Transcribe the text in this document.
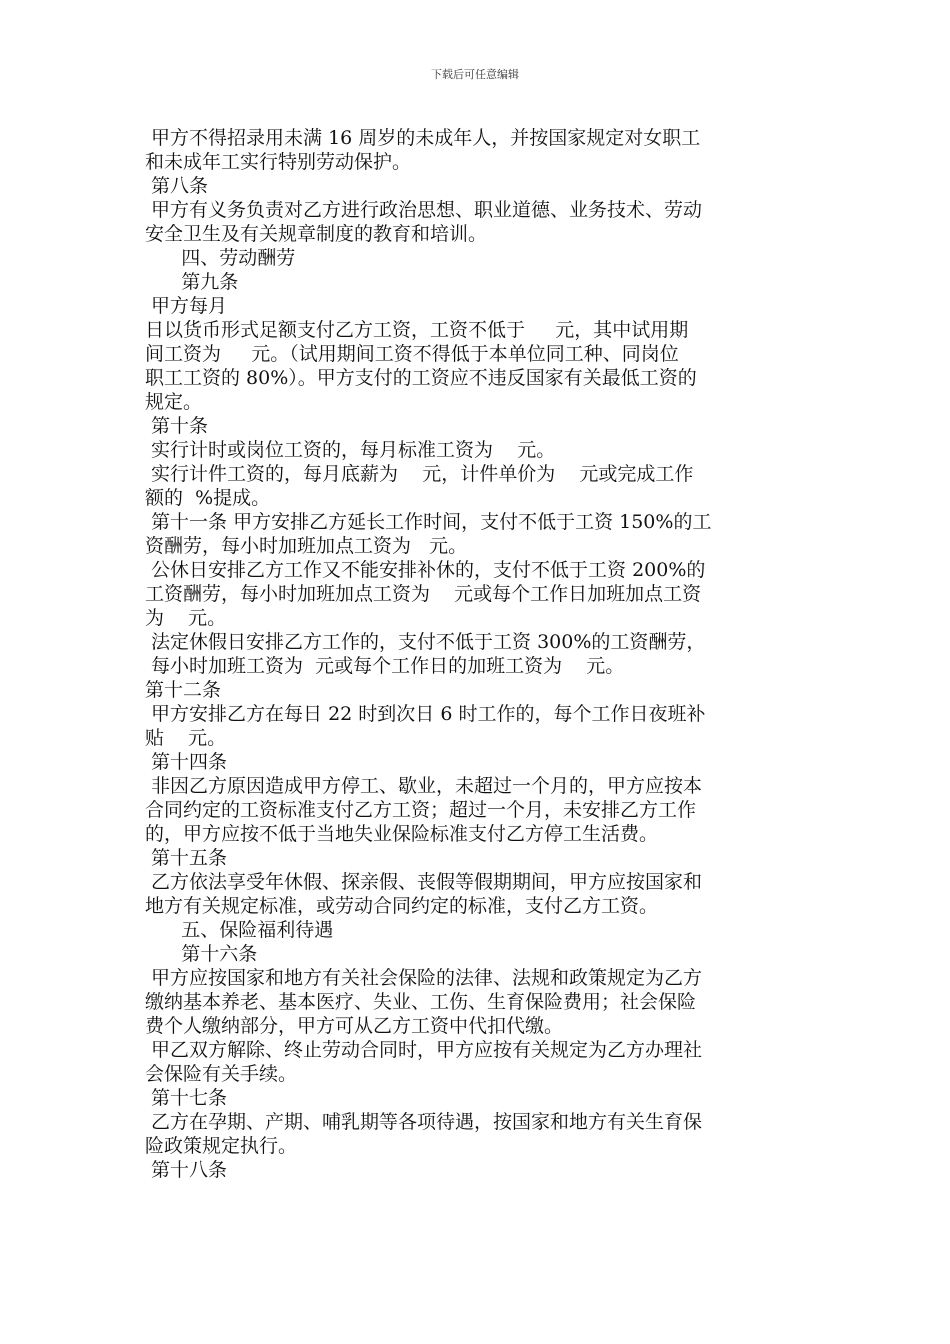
下载后可任意编辑
甲方不得招录用未满 16 周岁的未成年人，并按国家规定对女职工
和未成年工实行特别劳动保护。
第八条
甲方有义务负责对乙方进行政治思想、职业道德、业务技术、劳动
安全卫生及有关规章制度的教育和培训。
四、劳动酬劳
第九条
甲方每月
日以货币形式足额支付乙方工资，工资不低于     元，其中试用期
间工资为     元。（试用期间工资不得低于本单位同工种、同岗位
职工工资的 80%）。甲方支付的工资应不违反国家有关最低工资的
规定。
第十条
实行计时或岗位工资的，每月标准工资为    元。
实行计件工资的，每月底薪为    元，计件单价为    元或完成工作
额的  %提成。
第十一条 甲方安排乙方延长工作时间，支付不低于工资 150%的工
资酬劳，每小时加班加点工资为   元。
公休日安排乙方工作又不能安排补休的，支付不低于工资 200%的
工资酬劳，每小时加班加点工资为    元或每个工作日加班加点工资
为    元。
法定休假日安排乙方工作的，支付不低于工资 300%的工资酬劳，
每小时加班工资为  元或每个工作日的加班工资为    元。
第十二条
甲方安排乙方在每日 22 时到次日 6 时工作的，每个工作日夜班补
贴    元。
第十四条
非因乙方原因造成甲方停工、歇业，未超过一个月的，甲方应按本
合同约定的工资标准支付乙方工资；超过一个月，未安排乙方工作
的，甲方应按不低于当地失业保险标准支付乙方停工生活费。
第十五条
乙方依法享受年休假、探亲假、丧假等假期期间，甲方应按国家和
地方有关规定标准，或劳动合同约定的标准，支付乙方工资。
五、保险福利待遇
第十六条
甲方应按国家和地方有关社会保险的法律、法规和政策规定为乙方
缴纳基本养老、基本医疗、失业、工伤、生育保险费用；社会保险
费个人缴纳部分，甲方可从乙方工资中代扣代缴。
甲乙双方解除、终止劳动合同时，甲方应按有关规定为乙方办理社
会保险有关手续。
第十七条
乙方在孕期、产期、哺乳期等各项待遇，按国家和地方有关生育保
险政策规定执行。
第十八条
